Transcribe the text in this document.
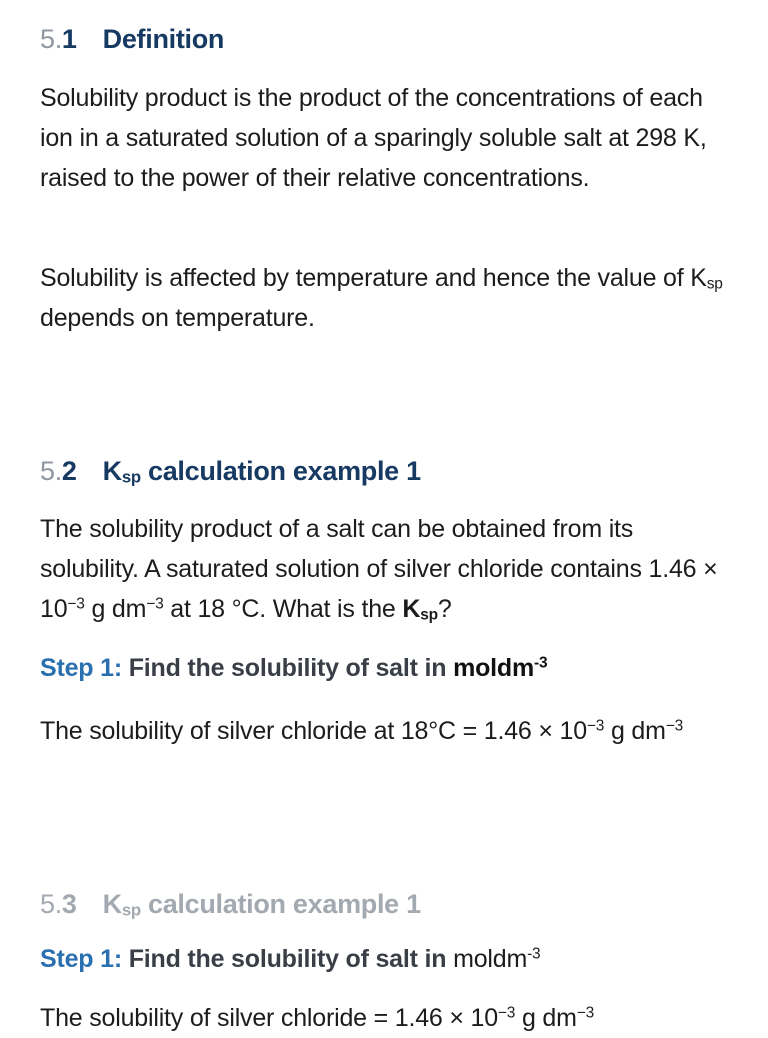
5.1 Definition
Solubility product is the product of the concentrations of each ion in a saturated solution of a sparingly soluble salt at 298 K, raised to the power of their relative concentrations.
Solubility is affected by temperature and hence the value of $K_{sp}$ depends on temperature.
5.2 $K_{sp}$ calculation example 1
The solubility product of a salt can be obtained from its solubility. A saturated solution of silver chloride contains $1.46 \times 10^{-3}$ g $dm^{-3}$ at 18 °C. What is the $K_{sp}$?
Step 1: Find the solubility of salt in moldm$^{-3}$
The solubility of silver chloride at $18^\circ C = 1.46 \times 10^{-3}$ g $dm^{-3}$
5.3 $K_{sp}$ calculation example 1
Step 1: Find the solubility of salt in moldm$^{-3}$
The solubility of silver chloride = $1.46 \times 10^{-3}$ g $dm^{-3}$
